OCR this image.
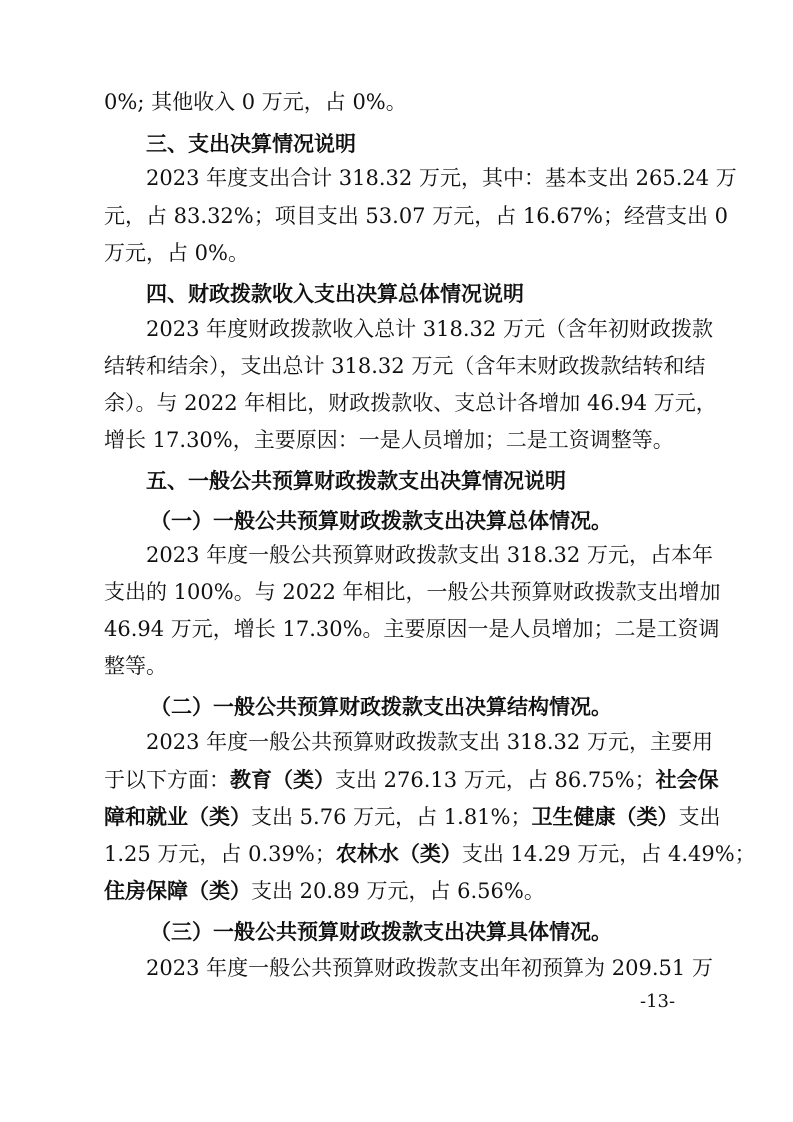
0%; 其他收入 0 万元，占 0%。
三、支出决算情况说明
2023 年度支出合计 318.32 万元，其中：基本支出 265.24 万
元，占 83.32%；项目支出 53.07 万元，占 16.67%；经营支出 0
万元，占 0%。
四、财政拨款收入支出决算总体情况说明
2023 年度财政拨款收入总计 318.32 万元（含年初财政拨款
结转和结余），支出总计 318.32 万元（含年末财政拨款结转和结
余）。与 2022 年相比，财政拨款收、支总计各增加 46.94 万元，
增长 17.30%，主要原因：一是人员增加；二是工资调整等。
五、一般公共预算财政拨款支出决算情况说明
（一）一般公共预算财政拨款支出决算总体情况。
2023 年度一般公共预算财政拨款支出 318.32 万元，占本年
支出的 100%。与 2022 年相比，一般公共预算财政拨款支出增加
46.94 万元，增长 17.30%。主要原因一是人员增加；二是工资调
整等。
（二）一般公共预算财政拨款支出决算结构情况。
2023 年度一般公共预算财政拨款支出 318.32 万元，主要用
于以下方面：教育（类）支出 276.13 万元，占 86.75%；社会保
障和就业（类）支出 5.76 万元，占 1.81%；卫生健康（类）支出
1.25 万元，占 0.39%；农林水（类）支出 14.29 万元，占 4.49%；
住房保障（类）支出 20.89 万元，占 6.56%。
（三）一般公共预算财政拨款支出决算具体情况。
2023 年度一般公共预算财政拨款支出年初预算为 209.51 万
-13-
